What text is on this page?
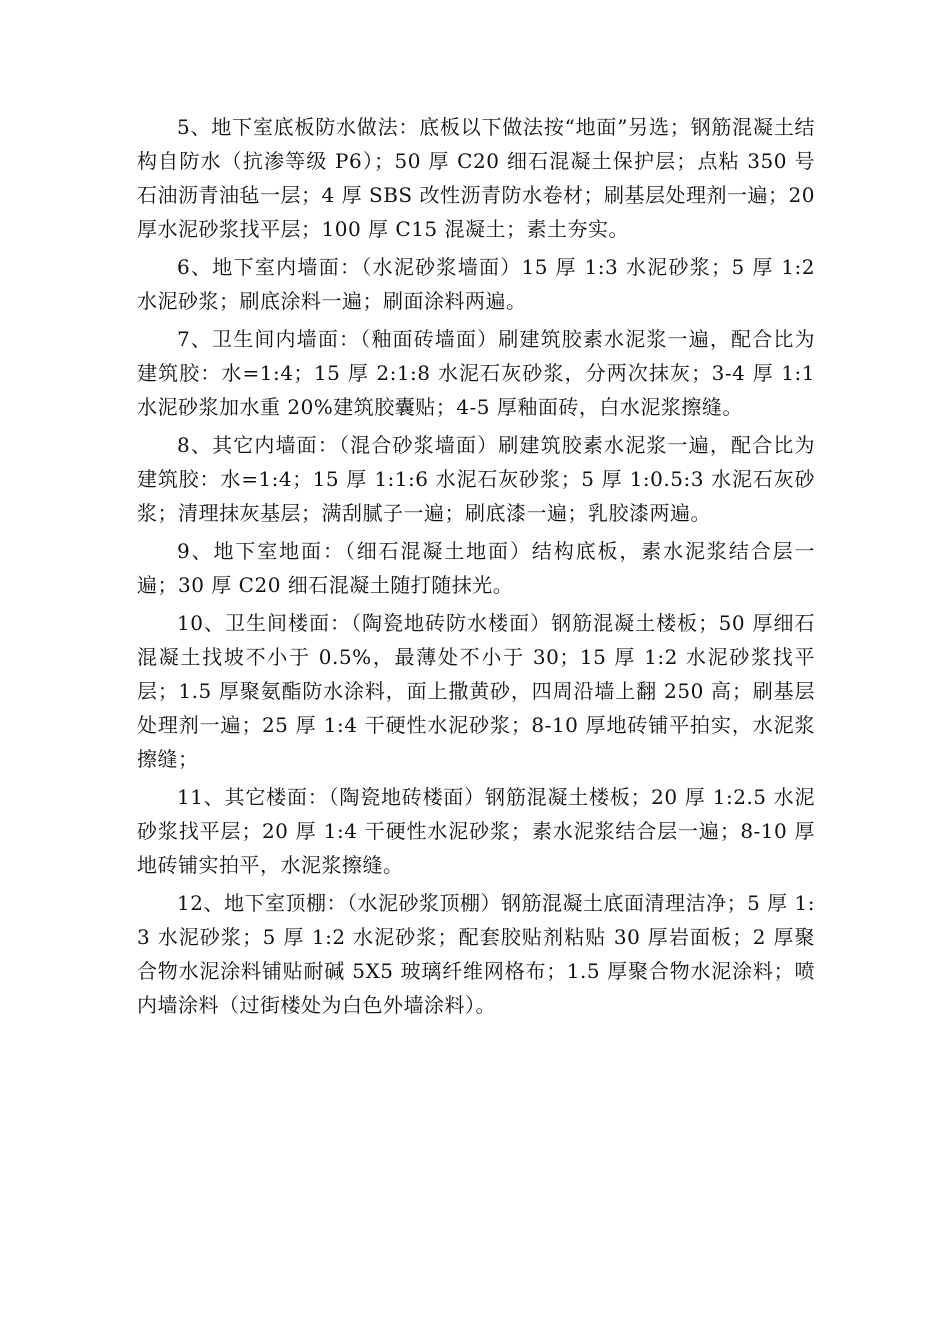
5、地下室底板防水做法：底板以下做法按“地面”另选；钢筋混凝土结构自防水（抗渗等级 P6）；50 厚 C20 细石混凝土保护层；点粘 350 号石油沥青油毡一层；4 厚 SBS 改性沥青防水卷材；刷基层处理剂一遍；20 厚水泥砂浆找平层；100 厚 C15 混凝土；素土夯实。

6、地下室内墙面：（水泥砂浆墙面）15 厚 1:3 水泥砂浆；5 厚 1:2 水泥砂浆；刷底涂料一遍；刷面涂料两遍。

7、卫生间内墙面：（釉面砖墙面）刷建筑胶素水泥浆一遍，配合比为建筑胶：水=1:4；15 厚 2:1:8 水泥石灰砂浆，分两次抹灰；3-4 厚 1:1 水泥砂浆加水重 20%建筑胶囊贴；4-5 厚釉面砖，白水泥浆擦缝。

8、其它内墙面：（混合砂浆墙面）刷建筑胶素水泥浆一遍，配合比为建筑胶：水=1:4；15 厚 1:1:6 水泥石灰砂浆；5 厚 1:0.5:3 水泥石灰砂浆；清理抹灰基层；满刮腻子一遍；刷底漆一遍；乳胶漆两遍。

9、地下室地面：（细石混凝土地面）结构底板，素水泥浆结合层一遍；30 厚 C20 细石混凝土随打随抹光。

10、卫生间楼面：（陶瓷地砖防水楼面）钢筋混凝土楼板；50 厚细石混凝土找坡不小于 0.5%，最薄处不小于 30；15 厚 1:2 水泥砂浆找平层；1.5 厚聚氨酯防水涂料，面上撒黄砂，四周沿墙上翻 250 高；刷基层处理剂一遍；25 厚 1:4 干硬性水泥砂浆；8-10 厚地砖铺平拍实，水泥浆擦缝；

11、其它楼面：（陶瓷地砖楼面）钢筋混凝土楼板；20 厚 1:2.5 水泥砂浆找平层；20 厚 1:4 干硬性水泥砂浆；素水泥浆结合层一遍；8-10 厚地砖铺实拍平，水泥浆擦缝。

12、地下室顶棚：（水泥砂浆顶棚）钢筋混凝土底面清理洁净；5 厚 1:3 水泥砂浆；5 厚 1:2 水泥砂浆；配套胶贴剂粘贴 30 厚岩面板；2 厚聚合物水泥涂料铺贴耐碱 5X5 玻璃纤维网格布；1.5 厚聚合物水泥涂料；喷内墙涂料（过街楼处为白色外墙涂料）。
